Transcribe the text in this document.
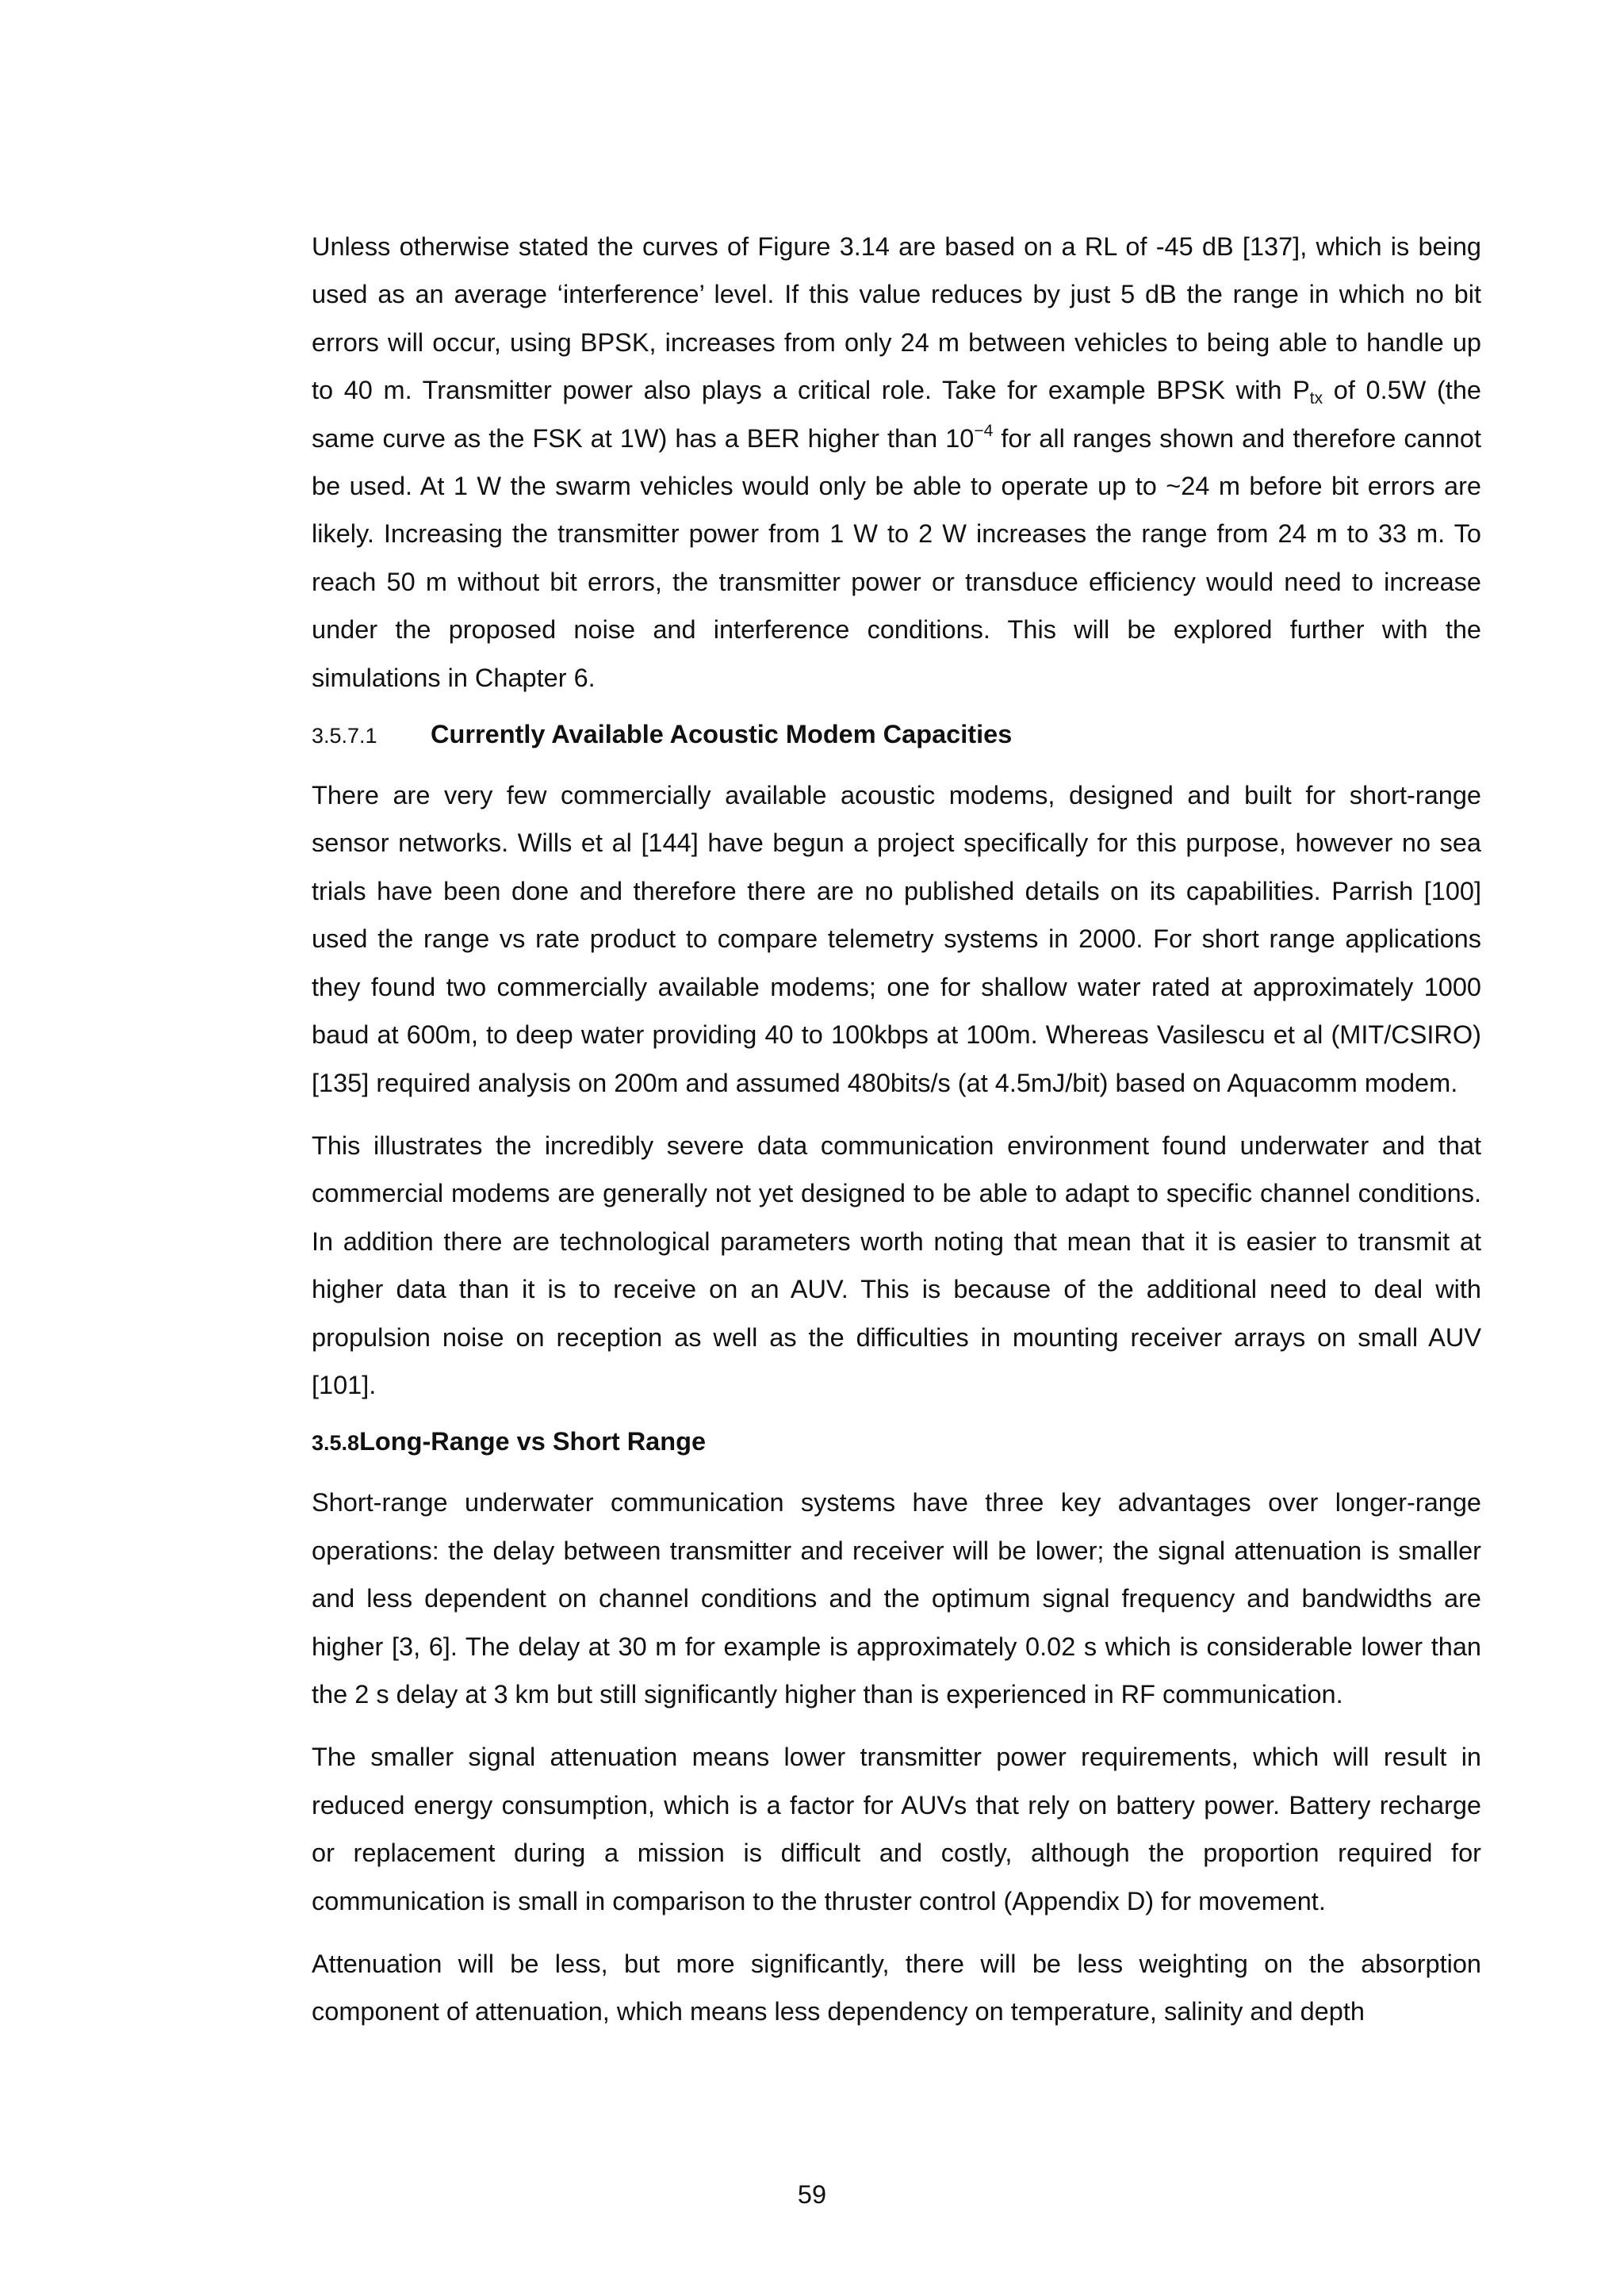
Unless otherwise stated the curves of Figure 3.14 are based on a RL of -45 dB [137], which is being used as an average ‘interference’ level. If this value reduces by just 5 dB the range in which no bit errors will occur, using BPSK, increases from only 24 m between vehicles to being able to handle up to 40 m. Transmitter power also plays a critical role. Take for example BPSK with $P_{tx}$ of 0.5W (the same curve as the FSK at 1W) has a BER higher than $10^{-4}$ for all ranges shown and therefore cannot be used. At 1 W the swarm vehicles would only be able to operate up to ~24 m before bit errors are likely. Increasing the transmitter power from 1 W to 2 W increases the range from 24 m to 33 m. To reach 50 m without bit errors, the transmitter power or transduce efficiency would need to increase under the proposed noise and interference conditions. This will be explored further with the simulations in Chapter 6.

3.5.7.1 Currently Available Acoustic Modem Capacities

There are very few commercially available acoustic modems, designed and built for short-range sensor networks. Wills et al [144] have begun a project specifically for this purpose, however no sea trials have been done and therefore there are no published details on its capabilities. Parrish [100] used the range vs rate product to compare telemetry systems in 2000. For short range applications they found two commercially available modems; one for shallow water rated at approximately 1000 baud at 600m, to deep water providing 40 to 100kbps at 100m. Whereas Vasilescu et al (MIT/CSIRO) [135] required analysis on 200m and assumed 480bits/s (at 4.5mJ/bit) based on Aquacomm modem.

This illustrates the incredibly severe data communication environment found underwater and that commercial modems are generally not yet designed to be able to adapt to specific channel conditions. In addition there are technological parameters worth noting that mean that it is easier to transmit at higher data than it is to receive on an AUV. This is because of the additional need to deal with propulsion noise on reception as well as the difficulties in mounting receiver arrays on small AUV [101].

3.5.8Long-Range vs Short Range

Short-range underwater communication systems have three key advantages over longer-range operations: the delay between transmitter and receiver will be lower; the signal attenuation is smaller and less dependent on channel conditions and the optimum signal frequency and bandwidths are higher [3, 6]. The delay at 30 m for example is approximately 0.02 s which is considerable lower than the 2 s delay at 3 km but still significantly higher than is experienced in RF communication.

The smaller signal attenuation means lower transmitter power requirements, which will result in reduced energy consumption, which is a factor for AUVs that rely on battery power. Battery recharge or replacement during a mission is difficult and costly, although the proportion required for communication is small in comparison to the thruster control (Appendix D) for movement.

Attenuation will be less, but more significantly, there will be less weighting on the absorption component of attenuation, which means less dependency on temperature, salinity and depth

59
